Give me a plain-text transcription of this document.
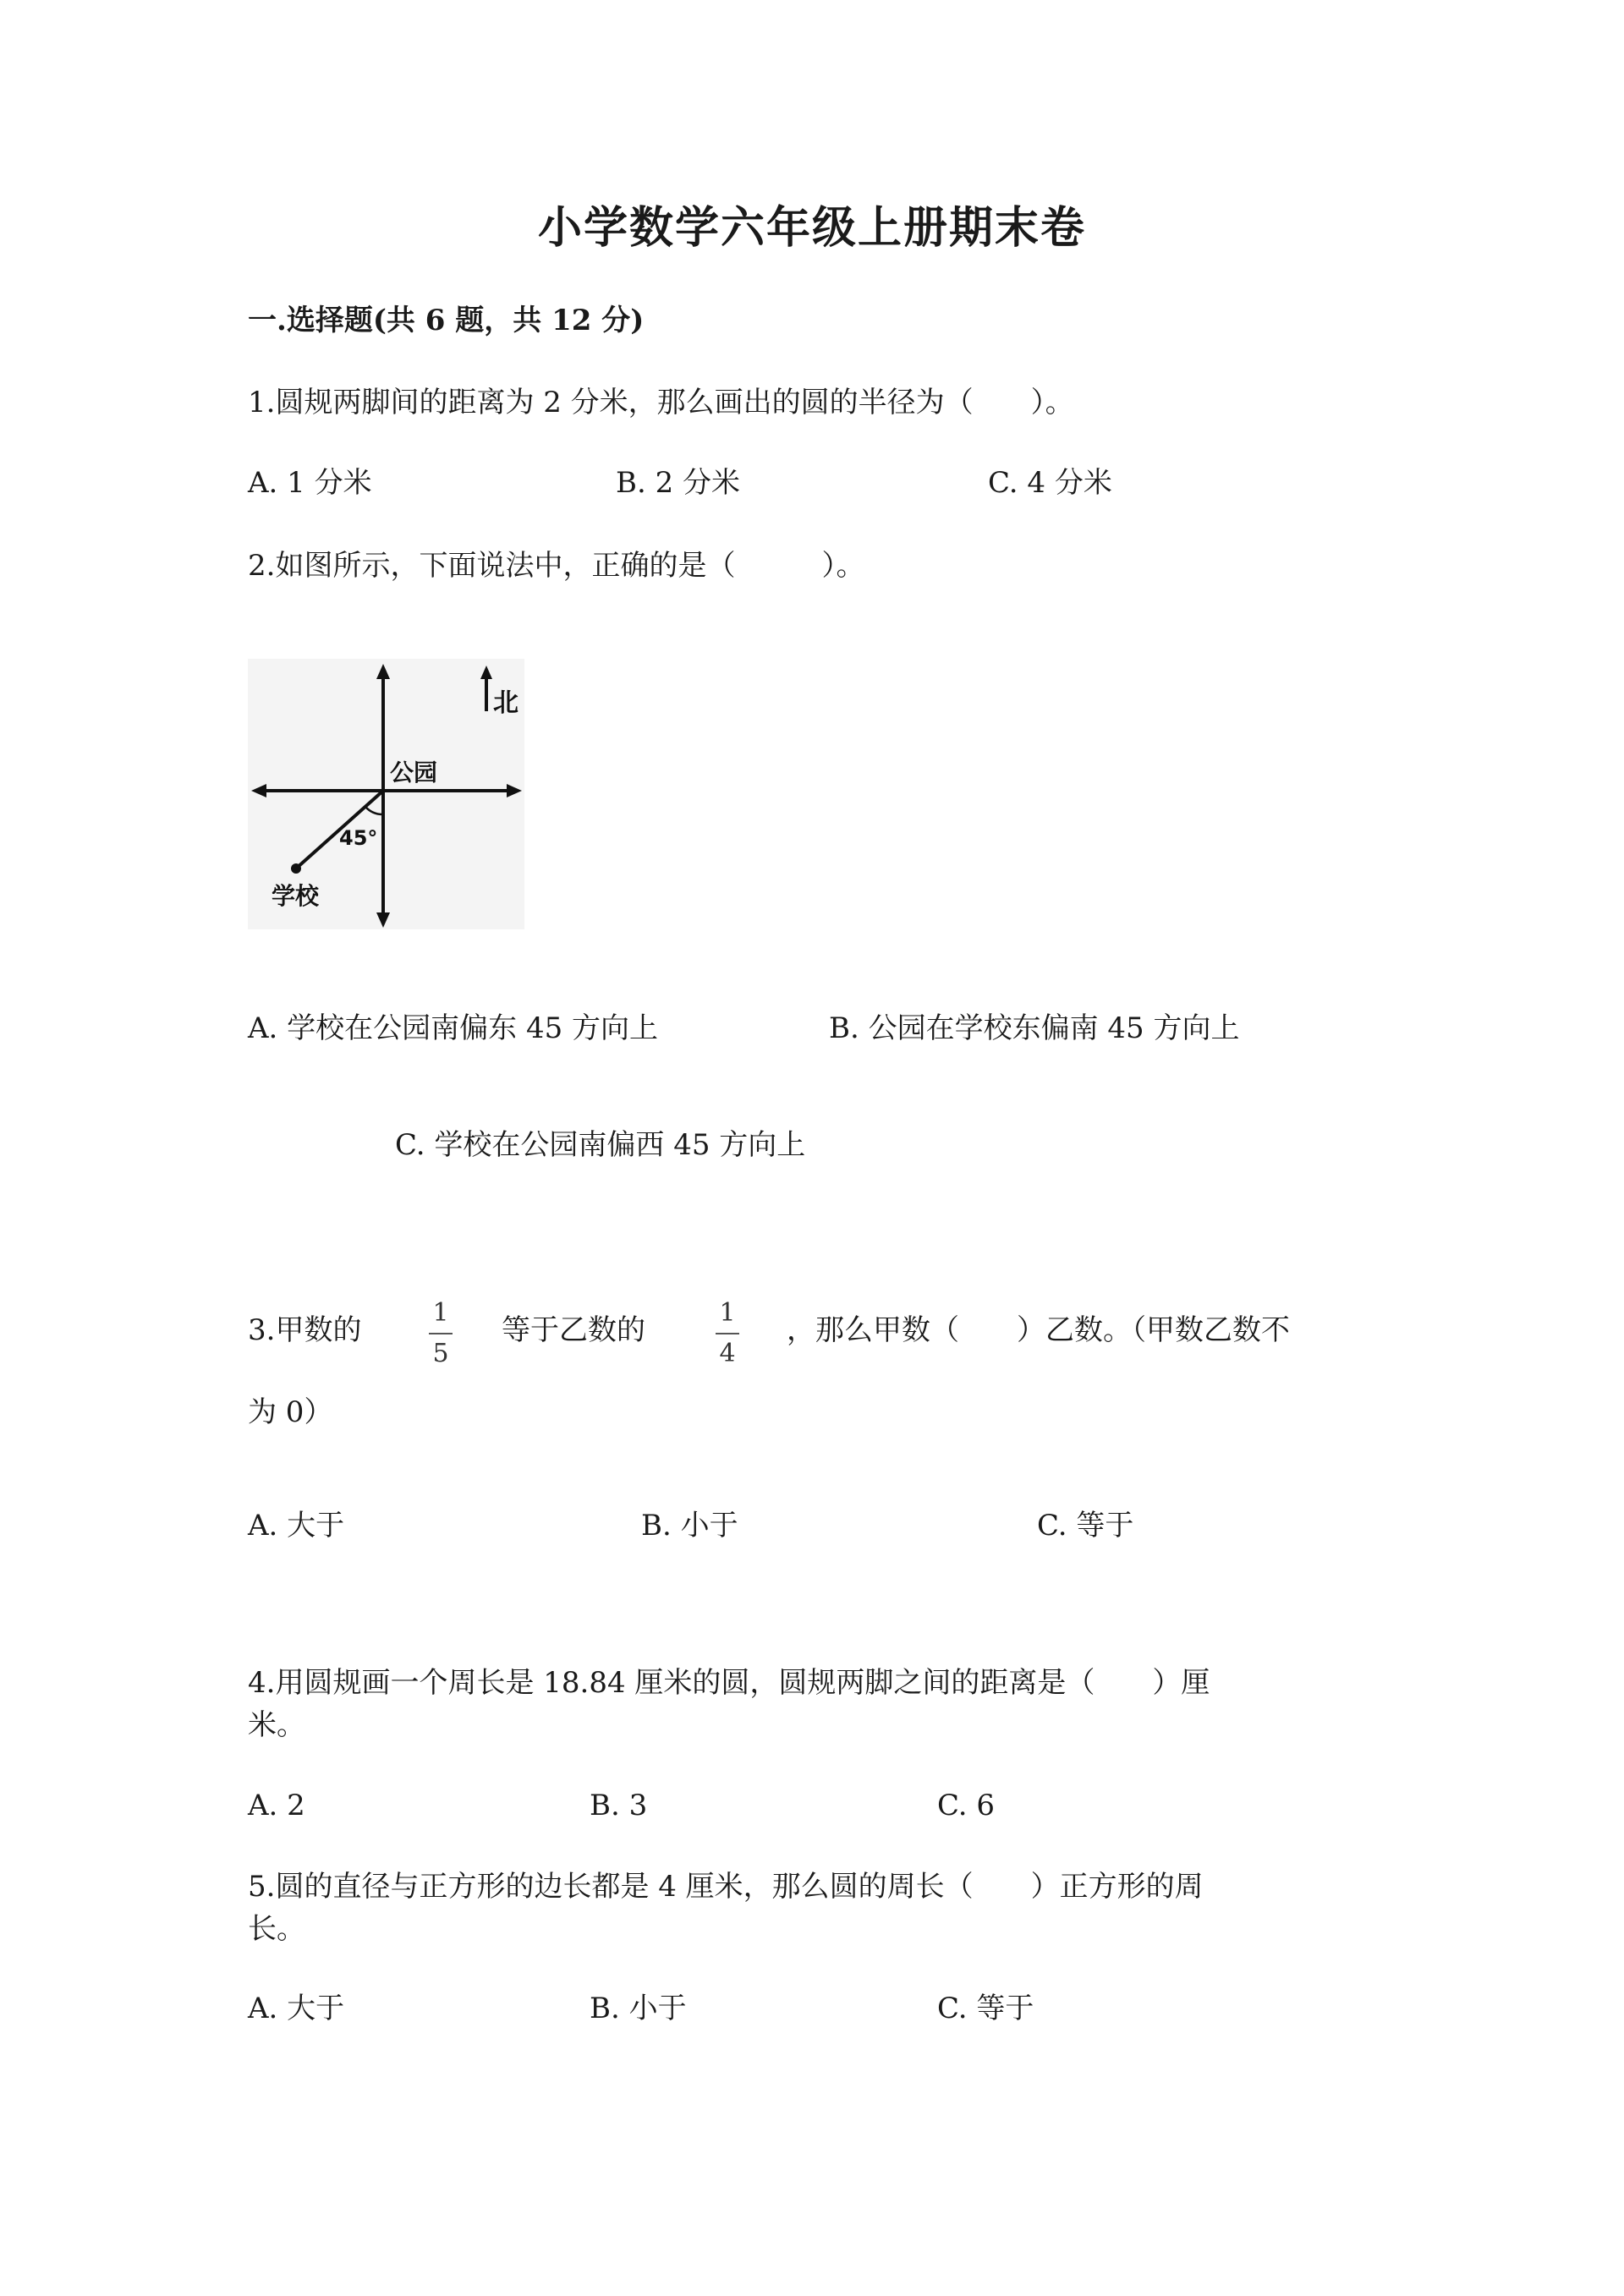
小学数学六年级上册期末卷
一.选择题(共 6 题，共 12 分)
1.圆规两脚间的距离为 2 分米，那么画出的圆的半径为（　　）。
A. 1 分米	B. 2 分米	C. 4 分米
2.如图所示，下面说法中，正确的是（　　　）。
北
公园
45°
学校
A. 学校在公园南偏东 45 方向上	B. 公园在学校东偏南 45 方向上
C. 学校在公园南偏西 45 方向上
3.甲数的
1
5
等于乙数的
1
4
，那么甲数（　　）乙数。（甲数乙数不
为 0）
A. 大于	B. 小于	C. 等于
4.用圆规画一个周长是 18.84 厘米的圆，圆规两脚之间的距离是（　　）厘
米。
A. 2	B. 3	C. 6
5.圆的直径与正方形的边长都是 4 厘米，那么圆的周长（　　）正方形的周
长。
A. 大于	B. 小于	C. 等于
